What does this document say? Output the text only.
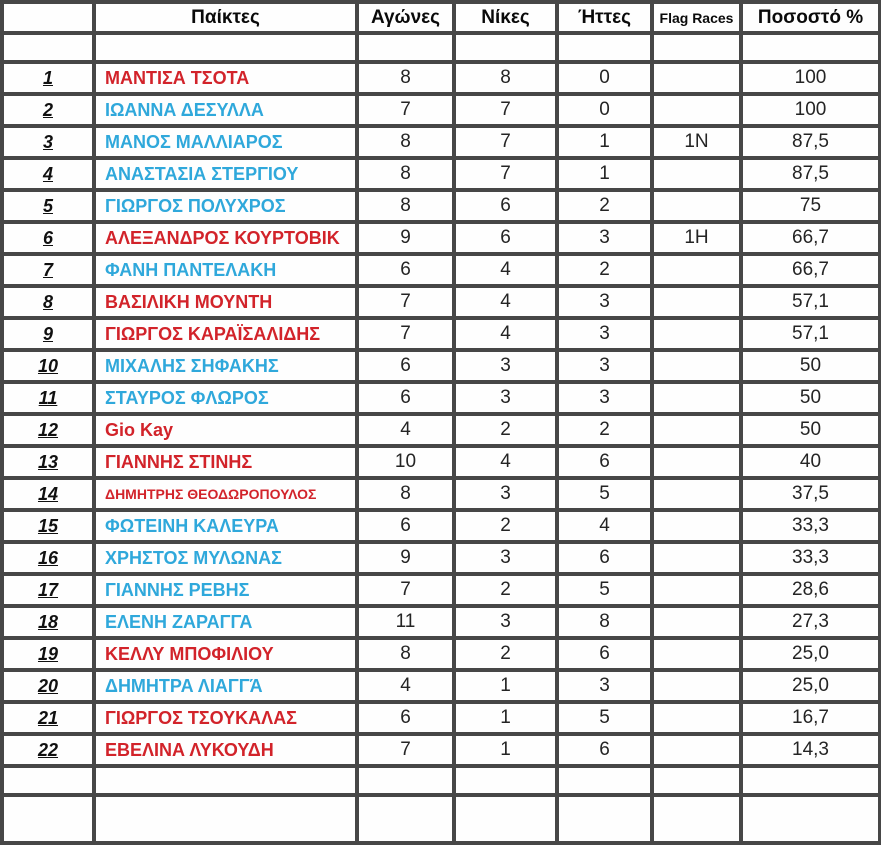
	Παίκτες	Αγώνες	Νίκες	Ήττες	Flag Races	Ποσοστό %

1	ΜΑΝΤΙΣΑ ΤΣΟΤΑ	8	8	0		100
2	ΙΩΑΝΝΑ ΔΕΣΥΛΛΑ	7	7	0		100
3	ΜΑΝΟΣ ΜΑΛΛΙΑΡΟΣ	8	7	1	1N	87,5
4	ΑΝΑΣΤΑΣΙΑ ΣΤΕΡΓΙΟΥ	8	7	1		87,5
5	ΓΙΩΡΓΟΣ ΠΟΛΥΧΡΟΣ	8	6	2		75
6	ΑΛΕΞΑΝΔΡΟΣ ΚΟΥΡΤΟΒΙΚ	9	6	3	1H	66,7
7	ΦΑΝΗ ΠΑΝΤΕΛΑΚΗ	6	4	2		66,7
8	ΒΑΣΙΛΙΚΗ ΜΟΥΝΤΗ	7	4	3		57,1
9	ΓΙΩΡΓΟΣ ΚΑΡΑΪΣΑΛΙΔΗΣ	7	4	3		57,1
10	ΜΙΧΑΛΗΣ ΣΗΦΑΚΗΣ	6	3	3		50
11	ΣΤΑΥΡΟΣ ΦΛΩΡΟΣ	6	3	3		50
12	Gio Kay	4	2	2		50
13	ΓΙΑΝΝΗΣ ΣΤΙΝΗΣ	10	4	6		40
14	ΔΗΜΗΤΡΗΣ ΘΕΟΔΩΡΟΠΟΥΛΟΣ	8	3	5		37,5
15	ΦΩΤΕΙΝΗ ΚΑΛΕΥΡΑ	6	2	4		33,3
16	ΧΡΗΣΤΟΣ ΜΥΛΩΝΑΣ	9	3	6		33,3
17	ΓΙΑΝΝΗΣ ΡΕΒΗΣ	7	2	5		28,6
18	ΕΛΕΝΗ ΖΑΡΑΓΓΑ	11	3	8		27,3
19	ΚΕΛΛΥ ΜΠΟΦΙΛΙΟΥ	8	2	6		25,0
20	ΔΗΜΗΤΡΑ ΛΙΑΓΓΆ	4	1	3		25,0
21	ΓΙΩΡΓΟΣ ΤΣΟΥΚΑΛΑΣ	6	1	5		16,7
22	ΕΒΕΛΙΝΑ ΛΥΚΟΥΔΗ	7	1	6		14,3
